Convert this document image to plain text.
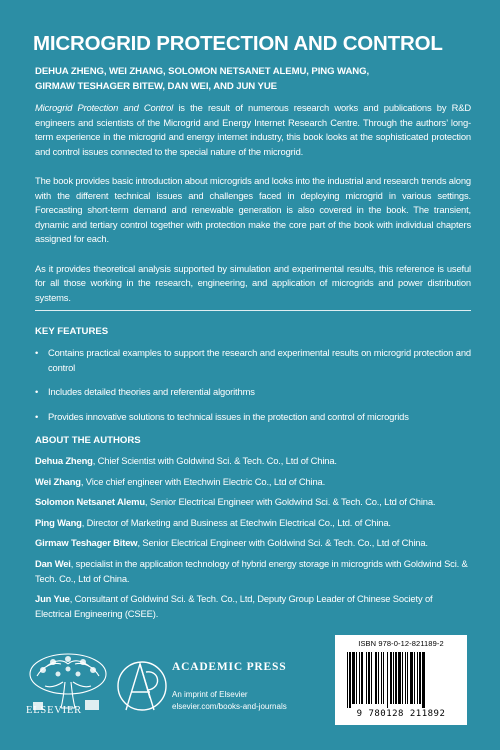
MICROGRID PROTECTION AND CONTROL
DEHUA ZHENG, WEI ZHANG, SOLOMON NETSANET ALEMU, PING WANG,
GIRMAW TESHAGER BITEW, DAN WEI, AND JUN YUE

Microgrid Protection and Control is the result of numerous research works and publications by R&D engineers and scientists of the Microgrid and Energy Internet Research Centre. Through the authors’ long-term experience in the microgrid and energy internet industry, this book looks at the sophisticated protection and control issues connected to the special nature of the microgrid.

The book provides basic introduction about microgrids and looks into the industrial and research trends along with the different technical issues and challenges faced in deploying microgrid in various settings. Forecasting short-term demand and renewable generation is also covered in the book. The transient, dynamic and tertiary control together with protection make the core part of the book with individual chapters assigned for each.

As it provides theoretical analysis supported by simulation and experimental results, this reference is useful for all those working in the research, engineering, and application of microgrids and power distribution systems.

KEY FEATURES
• Contains practical examples to support the research and experimental results on microgrid protection and control
• Includes detailed theories and referential algorithms
• Provides innovative solutions to technical issues in the protection and control of microgrids
ABOUT THE AUTHORS
Dehua Zheng, Chief Scientist with Goldwind Sci. & Tech. Co., Ltd of China.
Wei Zhang, Vice chief engineer with Etechwin Electric Co., Ltd of China.
Solomon Netsanet Alemu, Senior Electrical Engineer with Goldwind Sci. & Tech. Co., Ltd of China.
Ping Wang, Director of Marketing and Business at Etechwin Electrical Co., Ltd. of China.
Girmaw Teshager Bitew, Senior Electrical Engineer with Goldwind Sci. & Tech. Co., Ltd of China.
Dan Wei, specialist in the application technology of hybrid energy storage in microgrids with Goldwind Sci. & Tech. Co., Ltd of China.
Jun Yue, Consultant of Goldwind Sci. & Tech. Co., Ltd, Deputy Group Leader of Chinese Society of Electrical Engineering (CSEE).
ISBN 978-0-12-821189-2
9 780128 211892
ELSEVIER
ACADEMIC PRESS
An imprint of Elsevier
elsevier.com/books-and-journals
